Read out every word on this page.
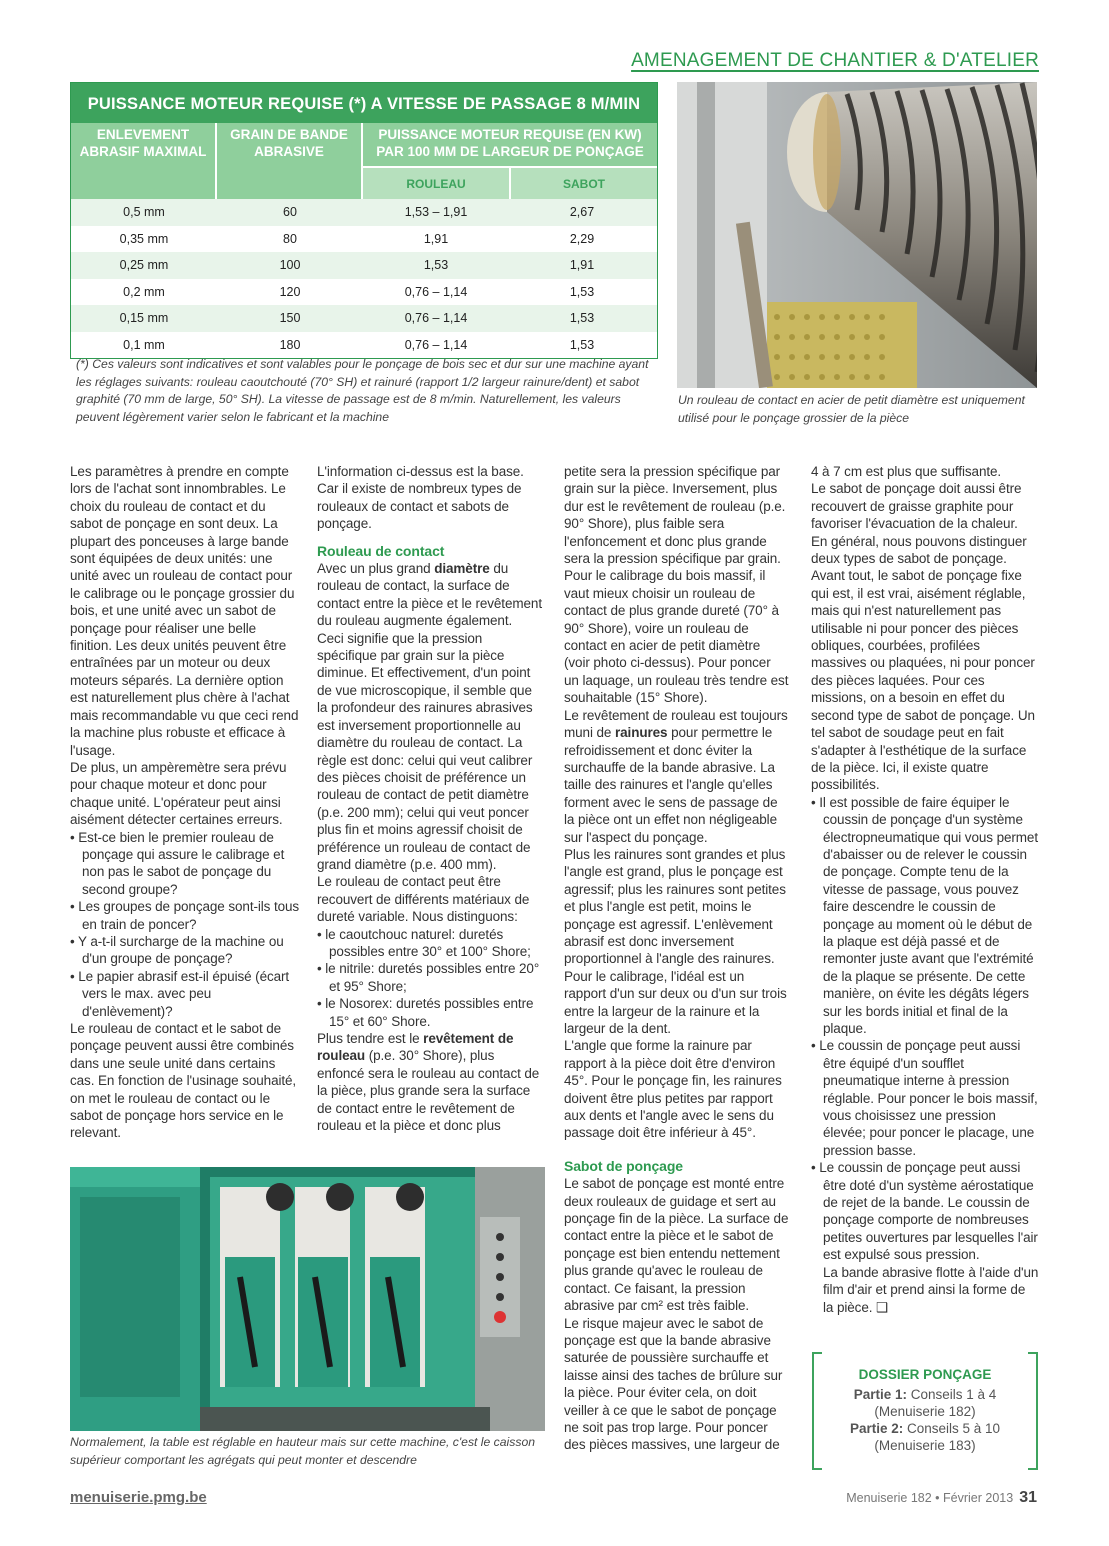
AMENAGEMENT DE CHANTIER & D'ATELIER
PUISSANCE MOTEUR REQUISE (*) A VITESSE DE PASSAGE 8 M/MIN
ENLEVEMENT ABRASIF MAXIMAL
GRAIN DE BANDE ABRASIVE
PUISSANCE MOTEUR REQUISE (EN KW) PAR 100 MM DE LARGEUR DE PONÇAGE
ROULEAU	SABOT
0,5 mm	60	1,53 – 1,91	2,67
0,35 mm	80	1,91	2,29
0,25 mm	100	1,53	1,91
0,2 mm	120	0,76 – 1,14	1,53
0,15 mm	150	0,76 – 1,14	1,53
0,1 mm	180	0,76 – 1,14	1,53
(*) Ces valeurs sont indicatives et sont valables pour le ponçage de bois sec et dur sur une machine ayant les réglages suivants: rouleau caoutchouté (70° SH) et rainuré (rapport 1/2 largeur rainure/dent) et sabot graphité (70 mm de large, 50° SH). La vitesse de passage est de 8 m/min. Naturellement, les valeurs peuvent légèrement varier selon le fabricant et la machine
Un rouleau de contact en acier de petit diamètre est uniquement utilisé pour le ponçage grossier de la pièce

Les paramètres à prendre en compte lors de l'achat sont innombrables. Le choix du rouleau de contact et du sabot de ponçage en sont deux. La plupart des ponceuses à large bande sont équipées de deux unités: une unité avec un rouleau de contact pour le calibrage ou le ponçage grossier du bois, et une unité avec un sabot de ponçage pour réaliser une belle finition. Les deux unités peuvent être entraînées par un moteur ou deux moteurs séparés. La dernière option est naturellement plus chère à l'achat mais recommandable vu que ceci rend la machine plus robuste et efficace à l'usage.

De plus, un ampèremètre sera prévu pour chaque moteur et donc pour chaque unité. L'opérateur peut ainsi aisément détecter certaines erreurs.

• Est-ce bien le premier rouleau de ponçage qui assure le calibrage et non pas le sabot de ponçage du second groupe?

• Les groupes de ponçage sont-ils tous en train de poncer?

• Y a-t-il surcharge de la machine ou d'un groupe de ponçage?

• Le papier abrasif est-il épuisé (écart vers le max. avec peu d'enlèvement)?

Le rouleau de contact et le sabot de ponçage peuvent aussi être combinés dans une seule unité dans certains cas. En fonction de l'usinage souhaité, on met le rouleau de contact ou le sabot de ponçage hors service en le relevant.

L'information ci-dessus est la base. Car il existe de nombreux types de rouleaux de contact et sabots de ponçage.

Rouleau de contact

Avec un plus grand diamètre du rouleau de contact, la surface de contact entre la pièce et le revêtement du rouleau augmente également. Ceci signifie que la pression spécifique par grain sur la pièce diminue. Et effectivement, d'un point de vue microscopique, il semble que la profondeur des rainures abrasives est inversement proportionnelle au diamètre du rouleau de contact. La règle est donc: celui qui veut calibrer des pièces choisit de préférence un rouleau de contact de petit diamètre (p.e. 200 mm); celui qui veut poncer plus fin et moins agressif choisit de préférence un rouleau de contact de grand diamètre (p.e. 400 mm).

Le rouleau de contact peut être recouvert de différents matériaux de dureté variable. Nous distinguons:

• le caoutchouc naturel: duretés possibles entre 30° et 100° Shore;

• le nitrile: duretés possibles entre 20° et 95° Shore;

• le Nosorex: duretés possibles entre 15° et 60° Shore.

Plus tendre est le revêtement de rouleau (p.e. 30° Shore), plus enfoncé sera le rouleau au contact de la pièce, plus grande sera la surface de contact entre le revêtement de rouleau et la pièce et donc plus

petite sera la pression spécifique par grain sur la pièce. Inversement, plus dur est le revêtement de rouleau (p.e. 90° Shore), plus faible sera l'enfoncement et donc plus grande sera la pression spécifique par grain.

Pour le calibrage du bois massif, il vaut mieux choisir un rouleau de contact de plus grande dureté (70° à 90° Shore), voire un rouleau de contact en acier de petit diamètre (voir photo ci-dessus). Pour poncer un laquage, un rouleau très tendre est souhaitable (15° Shore).

Le revêtement de rouleau est toujours muni de rainures pour permettre le refroidissement et donc éviter la surchauffe de la bande abrasive. La taille des rainures et l'angle qu'elles forment avec le sens de passage de la pièce ont un effet non négligeable sur l'aspect du ponçage.

Plus les rainures sont grandes et plus l'angle est grand, plus le ponçage est agressif; plus les rainures sont petites et plus l'angle est petit, moins le ponçage est agressif. L'enlèvement abrasif est donc inversement proportionnel à l'angle des rainures.

Pour le calibrage, l'idéal est un rapport d'un sur deux ou d'un sur trois entre la largeur de la rainure et la largeur de la dent.

L'angle que forme la rainure par rapport à la pièce doit être d'environ 45°. Pour le ponçage fin, les rainures doivent être plus petites par rapport aux dents et l'angle avec le sens du passage doit être inférieur à 45°.

Sabot de ponçage

Le sabot de ponçage est monté entre deux rouleaux de guidage et sert au ponçage fin de la pièce. La surface de contact entre la pièce et le sabot de ponçage est bien entendu nettement plus grande qu'avec le rouleau de contact. Ce faisant, la pression abrasive par cm² est très faible.

Le risque majeur avec le sabot de ponçage est que la bande abrasive saturée de poussière surchauffe et laisse ainsi des taches de brûlure sur la pièce. Pour éviter cela, on doit veiller à ce que le sabot de ponçage ne soit pas trop large. Pour poncer des pièces massives, une largeur de

4 à 7 cm est plus que suffisante.

Le sabot de ponçage doit aussi être recouvert de graisse graphite pour favoriser l'évacuation de la chaleur.

En général, nous pouvons distinguer deux types de sabot de ponçage. Avant tout, le sabot de ponçage fixe qui est, il est vrai, aisément réglable, mais qui n'est naturellement pas utilisable ni pour poncer des pièces obliques, courbées, profilées massives ou plaquées, ni pour poncer des pièces laquées. Pour ces missions, on a besoin en effet du second type de sabot de ponçage. Un tel sabot de soudage peut en fait s'adapter à l'esthétique de la surface de la pièce. Ici, il existe quatre possibilités.

• Il est possible de faire équiper le coussin de ponçage d'un système électropneumatique qui vous permet d'abaisser ou de relever le coussin de ponçage. Compte tenu de la vitesse de passage, vous pouvez faire descendre le coussin de ponçage au moment où le début de la plaque est déjà passé et de remonter juste avant que l'extrémité de la plaque se présente. De cette manière, on évite les dégâts légers sur les bords initial et final de la plaque.

• Le coussin de ponçage peut aussi être équipé d'un soufflet pneumatique interne à pression réglable. Pour poncer le bois massif, vous choisissez une pression élevée; pour poncer le placage, une pression basse.

• Le coussin de ponçage peut aussi être doté d'un système aérostatique de rejet de la bande. Le coussin de ponçage comporte de nombreuses petites ouvertures par lesquelles l'air est expulsé sous pression.

La bande abrasive flotte à l'aide d'un film d'air et prend ainsi la forme de la pièce. ❑

Normalement, la table est réglable en hauteur mais sur cette machine, c'est le caisson supérieur comportant les agrégats qui peut monter et descendre
DOSSIER PONÇAGE
Partie 1: Conseils 1 à 4
(Menuiserie 182)
Partie 2: Conseils 5 à 10
(Menuiserie 183)
menuiserie.pmg.be	Menuiserie 182 • Février 2013 31
